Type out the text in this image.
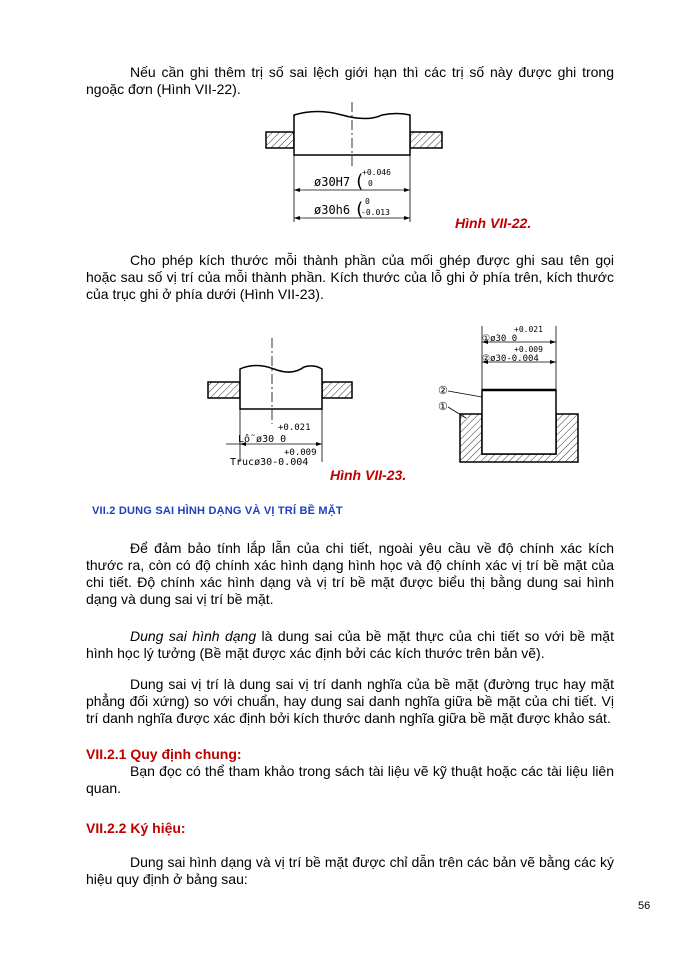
Nếu cần ghi thêm trị số sai lệch giới hạn thì các trị số này được ghi trong ngoặc đơn (Hình VII-22).

ø30H7 (
+0.046
0
ø30h6 ( 0
-0.013
Hình VII-22.

Cho phép kích thước mỗi thành phần của mối ghép được ghi sau tên gọi hoặc sau số vị trí của mỗi thành phần. Kích thước của lỗ ghi ở phía trên, kích thước của trục ghi ở phía dưới (Hình VII-23).

+0.021
Lỗ ø30 0
+0.009
Trucø30-0.004
+0.021
①ø30 0
+0.009
②ø30-0.004
②
①
Hình VII-23.
VII.2 DUNG SAI HÌNH DẠNG VÀ VỊ TRÍ BỀ MẶT

Để đảm bảo tính lắp lẫn của chi tiết, ngoài yêu cầu về độ chính xác kích thước ra, còn có độ chính xác hình dạng hình học và độ chính xác vị trí bề mặt của chi tiết. Độ chính xác hình dạng và vị trí bề mặt được biểu thị bằng dung sai hình dạng và dung sai vị trí bề mặt.

Dung sai hình dạng là dung sai của bề mặt thực của chi tiết so với bề mặt hình học lý tưởng (Bề mặt được xác định bởi các kích thước trên bản vẽ).

Dung sai vị trí là dung sai vị trí danh nghĩa của bề mặt (đường trục hay mặt phẳng đối xứng) so với chuẩn, hay dung sai danh nghĩa giữa bề mặt của chi tiết. Vị trí danh nghĩa được xác định bởi kích thước danh nghĩa giữa bề mặt được khảo sát.

VII.2.1 Quy định chung:

Bạn đọc có thể tham khảo trong sách tài liệu vẽ kỹ thuật hoặc các tài liệu liên quan.

VII.2.2 Ký hiệu:

Dung sai hình dạng và vị trí bề mặt được chỉ dẫn trên các bản vẽ bằng các ký hiệu quy định ở bảng sau:

56
